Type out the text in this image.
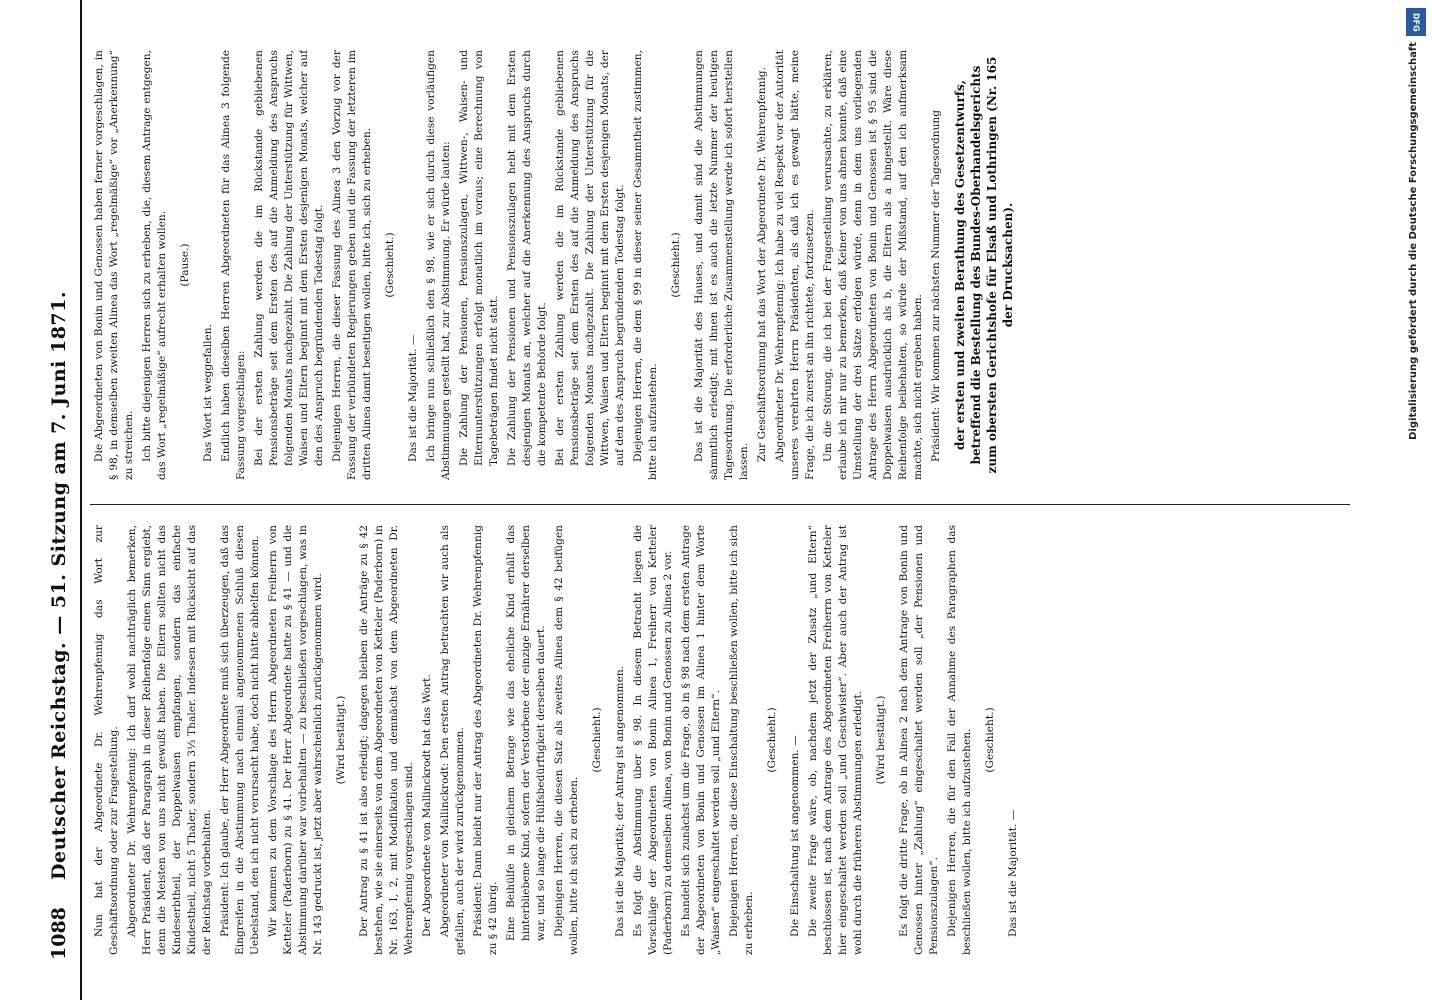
1088
Deutscher Reichstag. — 51. Sitzung am 7. Juni 1871. Nun hat der Abgeordnete Dr. Wehrenpfennig das Wort zur Geschäftsordnung oder zur Fragestellung. Abgeordneter Dr. Wehrenpfennig: Ich darf wohl nachträglich bemerken, Herr Präsident, daß der Paragraph in dieser Reihenfolge einen Sinn ergiebt, denn die Meisten von uns nicht gewußt haben. Die Eltern sollten nicht das Kindeserbtheil, der Doppelwaisen empfangen, sondern das einfache Kindestheil, nicht 5 Thaler, sondern 3⅓ Thaler. Indessen mit Rücksicht auf das der Reichstag vorbehalten. Präsident: Ich glaube, der Herr Abgeordnete muß sich überzeugen, daß das Eingreifen in die Abstimmung nach einmal angenommenen Schluß diesen Uebelstand, den ich nicht verursacht habe, doch nicht hätte abhelfen können. Wir kommen zu dem Vorschlage des Herrn Abgeordneten Freiherrn von Ketteler (Paderborn) zu § 41. Der Herr Abgeordnete hatte zu § 41 — und die Abstimmung darüber war vorbehalten — zu beschließen vorgeschlagen, was in Nr. 143 gedruckt ist, jetzt aber wahrscheinlich zurückgenommen wird. (Wird bestätigt.) Der Antrag zu § 41 ist also erledigt; dagegen bleiben die Anträge zu § 42 bestehen, wie sie einerseits von dem Abgeordneten von Ketteler (Paderborn) in Nr. 163, I, 2, mit Modifikation und demnächst von dem Abgeordneten Dr. Wehrenpfennig vorgeschlagen sind. Der Abgeordnete von Mallinckrodt hat das Wort. Abgeordneter von Mallinckrodt: Den ersten Antrag betrachten wir auch als gefallen, auch der wird zurückgenommen. Präsident: Dann bleibt nur der Antrag des Abgeordneten Dr. Wehrenpfennig zu § 42 übrig. Eine Beihülfe in gleichem Betrage wie das eheliche Kind erhält das hinterbliebene Kind, sofern der Verstorbene der einzige Ernährer derselben war, und so lange die Hülfsbedürftigkeit derselben dauert. Diejenigen Herren, die diesen Satz als zweites Alinea dem § 42 beifügen wollen, bitte ich sich zu erheben.

(Geschieht.) Das ist die Majorität; der Antrag ist angenommen. Es folgt die Abstimmung über § 98. In diesem Betracht liegen die Vorschläge der Abgeordneten von Bonin Alinea 1, Freiherr von Ketteler (Paderborn) zu demselben Alinea, von Bonin und Genossen zu Alinea 2 vor. Es handelt sich zunächst um die Frage, ob in § 98 nach dem ersten Antrage der Abgeordneten von Bonin und Genossen im Alinea 1 hinter dem Worte „Waisen“ eingeschaltet werden soll „und Eltern“. Diejenigen Herren, die diese Einschaltung beschließen wollen, bitte ich sich zu erheben.

(Geschieht.) Die Einschaltung ist angenommen. — Die zweite Frage wäre, ob, nachdem jetzt der Zusatz „und Eltern“ beschlossen ist, nach dem Antrage des Abgeordneten Freiherrn von Ketteler hier eingeschaltet werden soll „und Geschwister“. Aber auch der Antrag ist wohl durch die früheren Abstimmungen erledigt. (Wird bestätigt.) Es folgt die dritte Frage, ob in Alinea 2 nach dem Antrage von Bonin und Genossen hinter „Zahlung“ eingeschaltet werden soll „der Pensionen und Pensionszulagen“. Diejenigen Herren, die für den Fall der Annahme des Paragraphen das beschließen wollen, bitte ich aufzustehen. (Geschieht.)

Das ist die Majorität. —

Die Abgeordneten von Bonin und Genossen haben ferner vorgeschlagen, in § 98, in demselben zweiten Alinea das Wort „regelmäßige“ vor „Anerkennung“ zu streichen. Ich bitte diejenigen Herren sich zu erheben, die, diesem Antrage entgegen, das Wort „regelmäßige“ aufrecht erhalten wollen. (Pause.)

Das Wort ist weggefallen. Endlich haben dieselben Herren Abgeordneten für das Alinea 3 folgende Fassung vorgeschlagen: Bei der ersten Zahlung werden die im Rückstande gebliebenen Pensionsbeträge seit dem Ersten des auf die Anmeldung des Anspruchs folgenden Monats nachgezahlt. Die Zahlung der Unterstützung für Wittwen, Waisen und Eltern beginnt mit dem Ersten desjenigen Monats, welcher auf den des Anspruch begründenden Todestag folgt. Diejenigen Herren, die dieser Fassung des Alinea 3 den Vorzug vor der Fassung der verbündeten Regierungen geben und die Fassung der letzteren im dritten Alinea damit beseitigen wollen, bitte ich, sich zu erheben. (Geschieht.)

Das ist die Majorität. — Ich bringe nun schließlich den § 98, wie er sich durch diese vorläufigen Abstimmungen gestellt hat, zur Abstimmung. Er würde lauten: Die Zahlung der Pensionen, Pensionszulagen, Wittwen-, Waisen- und Elternunterstützungen erfolgt monatlich im voraus; eine Berechnung von Tagebeträgen findet nicht statt. Die Zahlung der Pensionen und Pensionszulagen hebt mit dem Ersten desjenigen Monats an, welcher auf die Anerkennung des Anspruchs durch die kompetente Behörde folgt. Bei der ersten Zahlung werden die im Rückstande gebliebenen Pensionsbeträge seit dem Ersten des auf die Anmeldung des Anspruchs folgenden Monats nachgezahlt. Die Zahlung der Unterstützung für die Wittwen, Waisen und Eltern beginnt mit dem Ersten desjenigen Monats, der auf den des Anspruch begründenden Todestag folgt. Diejenigen Herren, die dem § 99 in dieser seiner Gesammtheit zustimmen, bitte ich aufzustehen.

(Geschieht.) Das ist die Majorität des Hauses, und damit sind die Abstimmungen sämmtlich erledigt; mit ihnen ist es auch die letzte Nummer der heutigen Tagesordnung. Die erforderliche Zusammenstellung werde ich sofort herstellen lassen. Zur Geschäftsordnung hat das Wort der Abgeordnete Dr. Wehrenpfennig. Abgeordneter Dr. Wehrenpfennig: Ich habe zu viel Respekt vor der Autorität unseres verehrten Herrn Präsidenten, als daß ich es gewagt hätte, meine Frage, die ich zuerst an ihn richtete, fortzusetzen. Um die Störung, die ich bei der Fragestellung verursachte, zu erklären, erlaube ich mir nur zu bemerken, daß Keiner von uns ahnen konnte, daß eine Umstellung der drei Sätze erfolgen würde, denn in dem uns vorliegenden Antrage des Herrn Abgeordneten von Bonin und Genossen ist § 95 sind die Doppelwaisen ausdrücklich als b, die Eltern als a hingestellt. Wäre diese Reihenfolge beibehalten, so würde der Mißstand, auf den ich aufmerksam machte, sich nicht ergeben haben. Präsident: Wir kommen zur nächsten Nummer der Tagesordnung der ersten und zweiten Berathung des Gesetzentwurfs, betreffend die Bestellung des Bundes-Oberhandelsgerichts zum obersten Gerichtshofe für Elsaß und Lothringen (Nr. 165 der Drucksachen).

DFG
Digitalisierung gefördert durch die Deutsche Forschungsgemeinschaft
